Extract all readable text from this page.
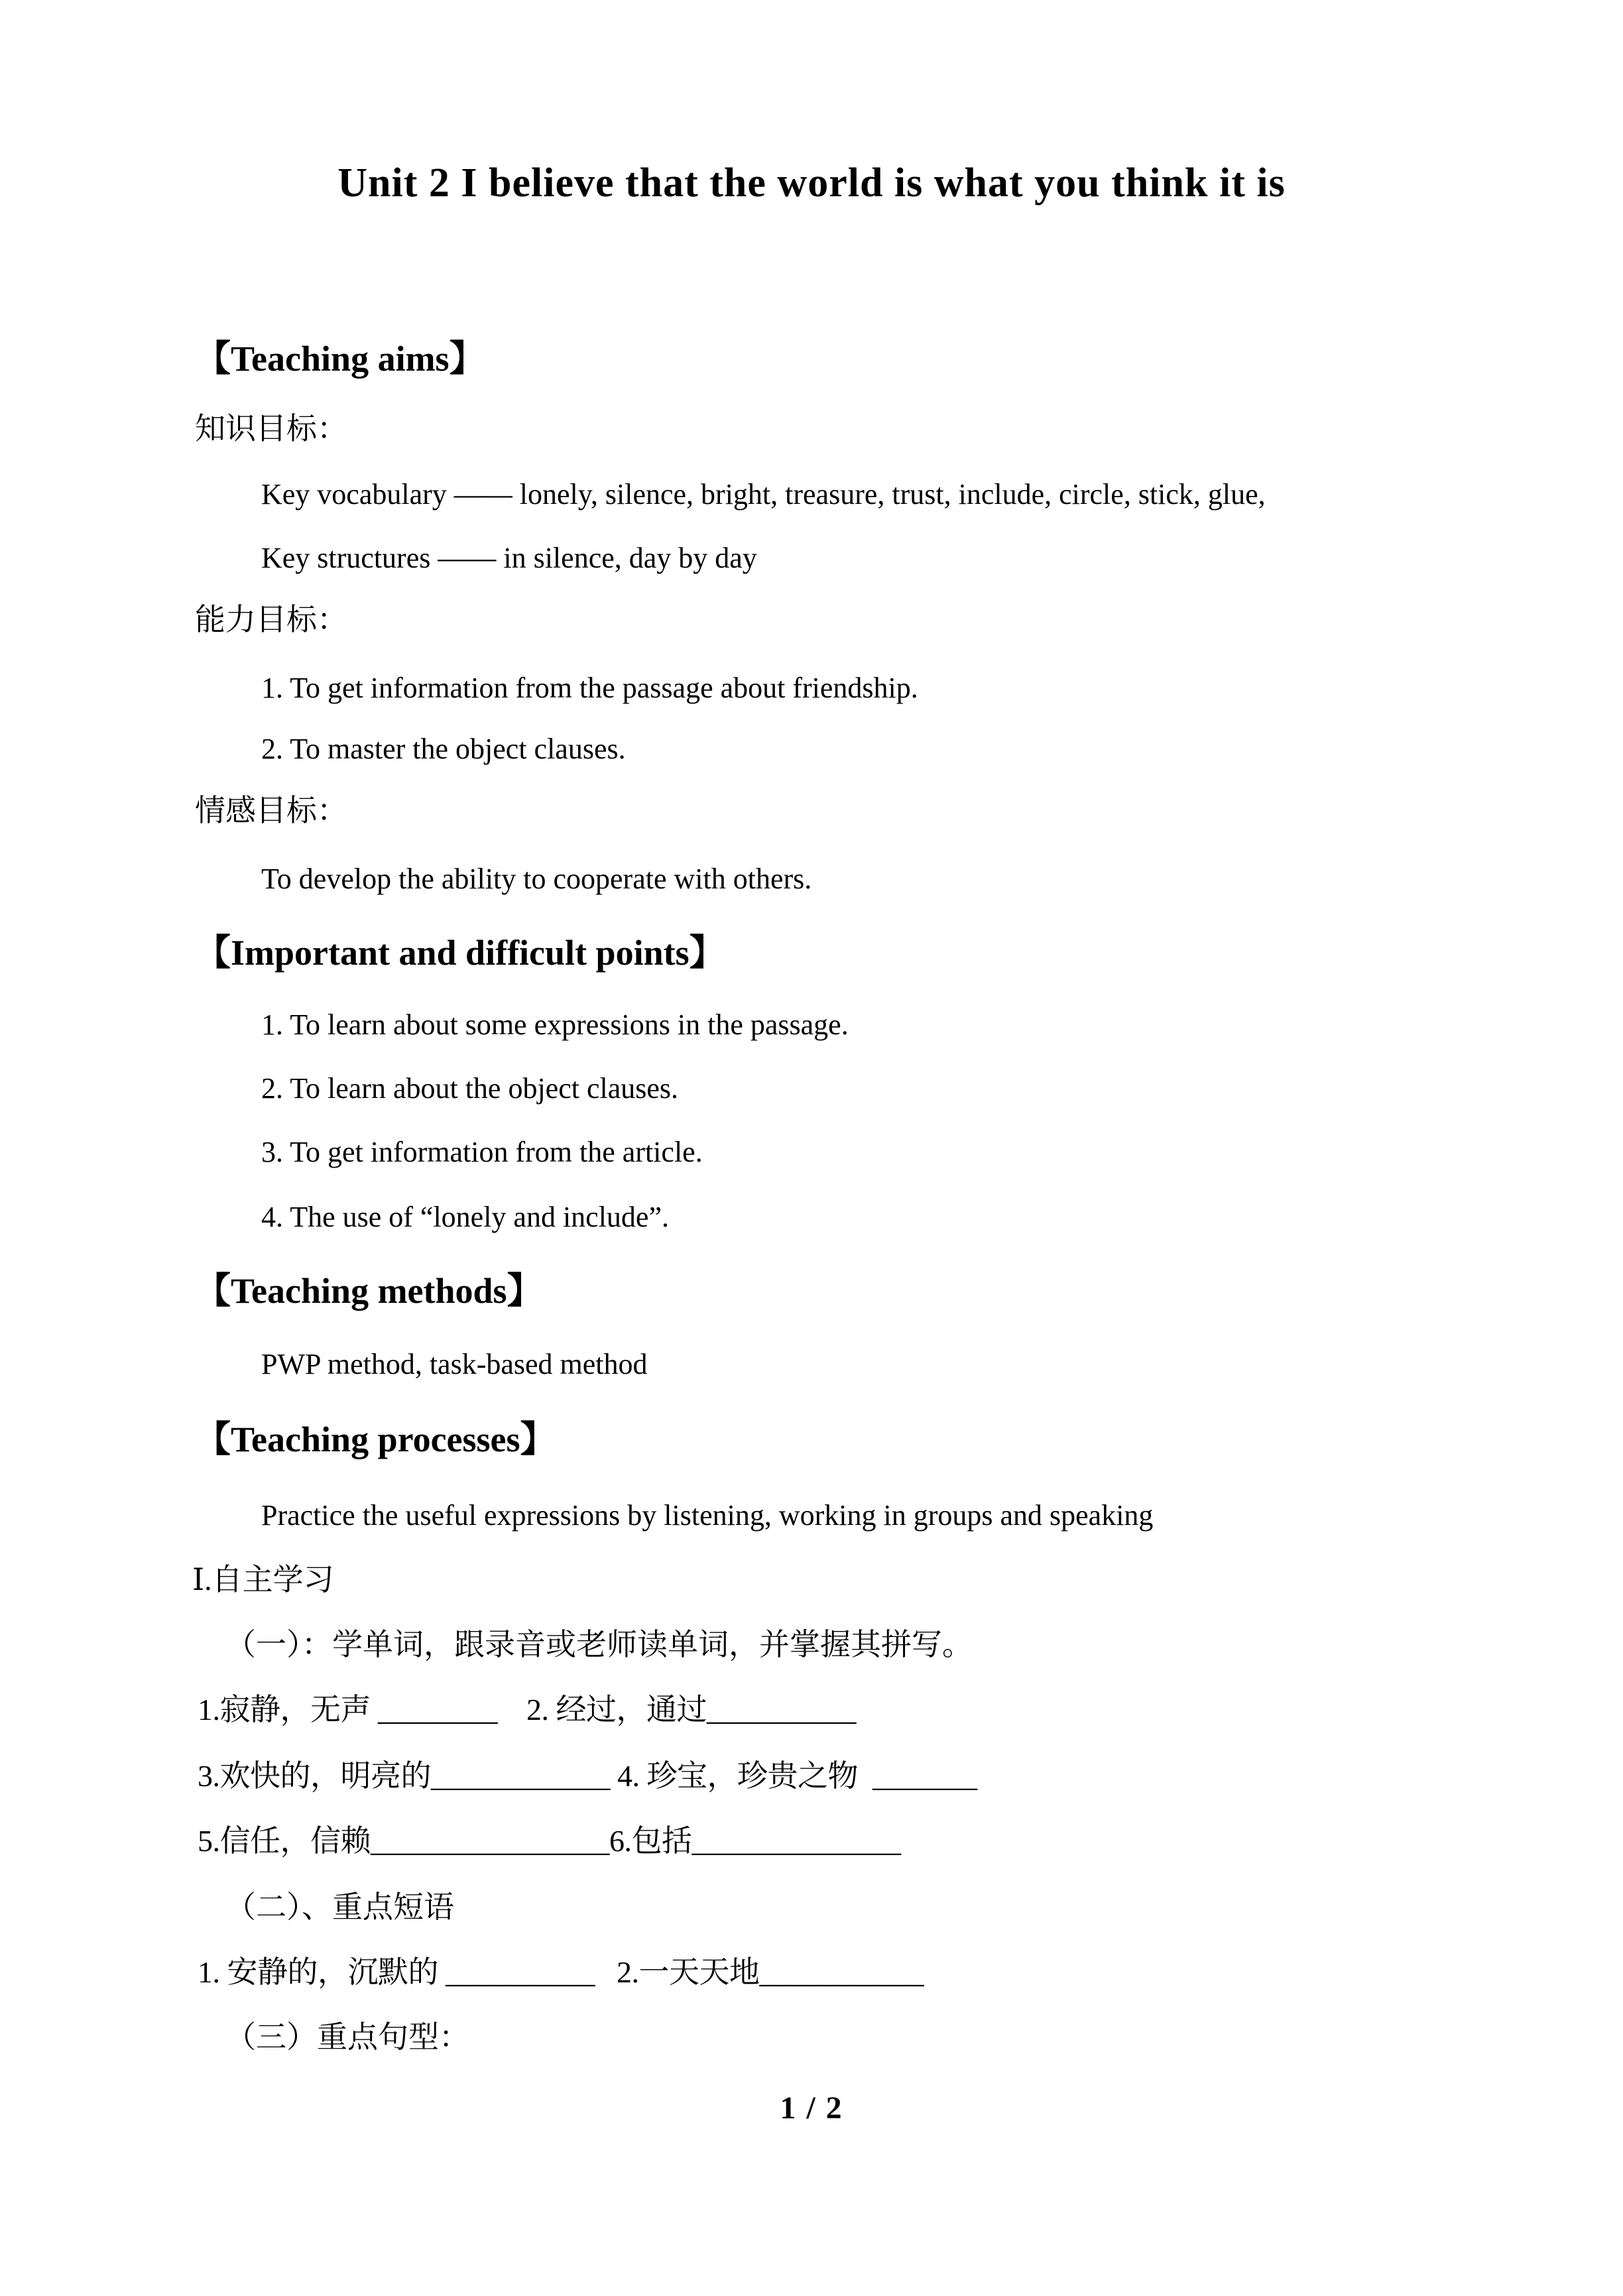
Unit 2 I believe that the world is what you think it is
【Teaching aims】
知识目标：
Key vocabulary —— lonely, silence, bright, treasure, trust, include, circle, stick, glue,
Key structures —— in silence, day by day
能力目标：
1. To get information from the passage about friendship.
2. To master the object clauses.
情感目标：
To develop the ability to cooperate with others.
【Important and difficult points】
1. To learn about some expressions in the passage.
2. To learn about the object clauses.
3. To get information from the article.
4. The use of “lonely and include”.
【Teaching methods】
PWP method, task-based method
【Teaching processes】
Practice the useful expressions by listening, working in groups and speaking
Ⅰ.自主学习
（一）：学单词，跟录音或老师读单词，并掌握其拼写。
1.寂静，无声 ________    2. 经过，通过__________
3.欢快的，明亮的____________ 4. 珍宝，珍贵之物  _______
5.信任，信赖________________6.包括______________
（二）、重点短语
1. 安静的，沉默的 __________   2.一天天地___________
（三）重点句型：
1 / 2
